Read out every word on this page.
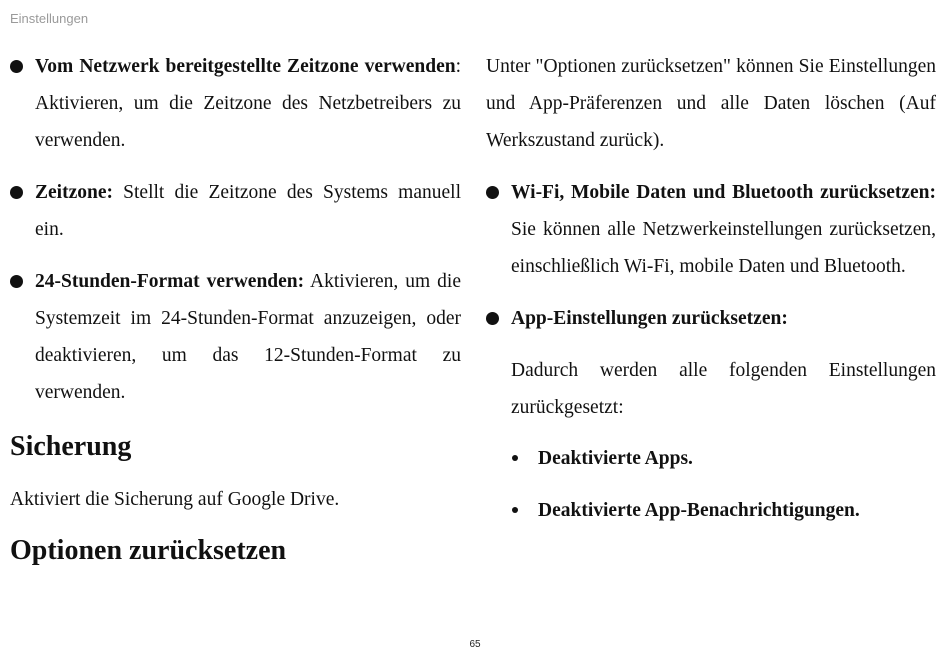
Einstellungen
Vom Netzwerk bereitgestellte Zeitzone verwenden: Aktivieren, um die Zeitzone des Netzbetreibers zu verwenden.
Zeitzone: Stellt die Zeitzone des Systems manuell ein.
24-Stunden-Format verwenden: Aktivieren, um die Systemzeit im 24-Stunden-Format anzuzeigen, oder deaktivieren, um das 12-Stunden-Format zu verwenden.
Sicherung
Aktiviert die Sicherung auf Google Drive.
Optionen zurücksetzen
Unter "Optionen zurücksetzen" können Sie Einstellungen und App-Präferenzen und alle Daten löschen (Auf Werkszustand zurück).
Wi-Fi, Mobile Daten und Bluetooth zurücksetzen: Sie können alle Netzwerkeinstellungen zurücksetzen, einschließlich Wi-Fi, mobile Daten und Bluetooth.
App-Einstellungen zurücksetzen:
Dadurch werden alle folgenden Einstellungen zurückgesetzt:
Deaktivierte Apps.
Deaktivierte App-Benachrichtigungen.
65
